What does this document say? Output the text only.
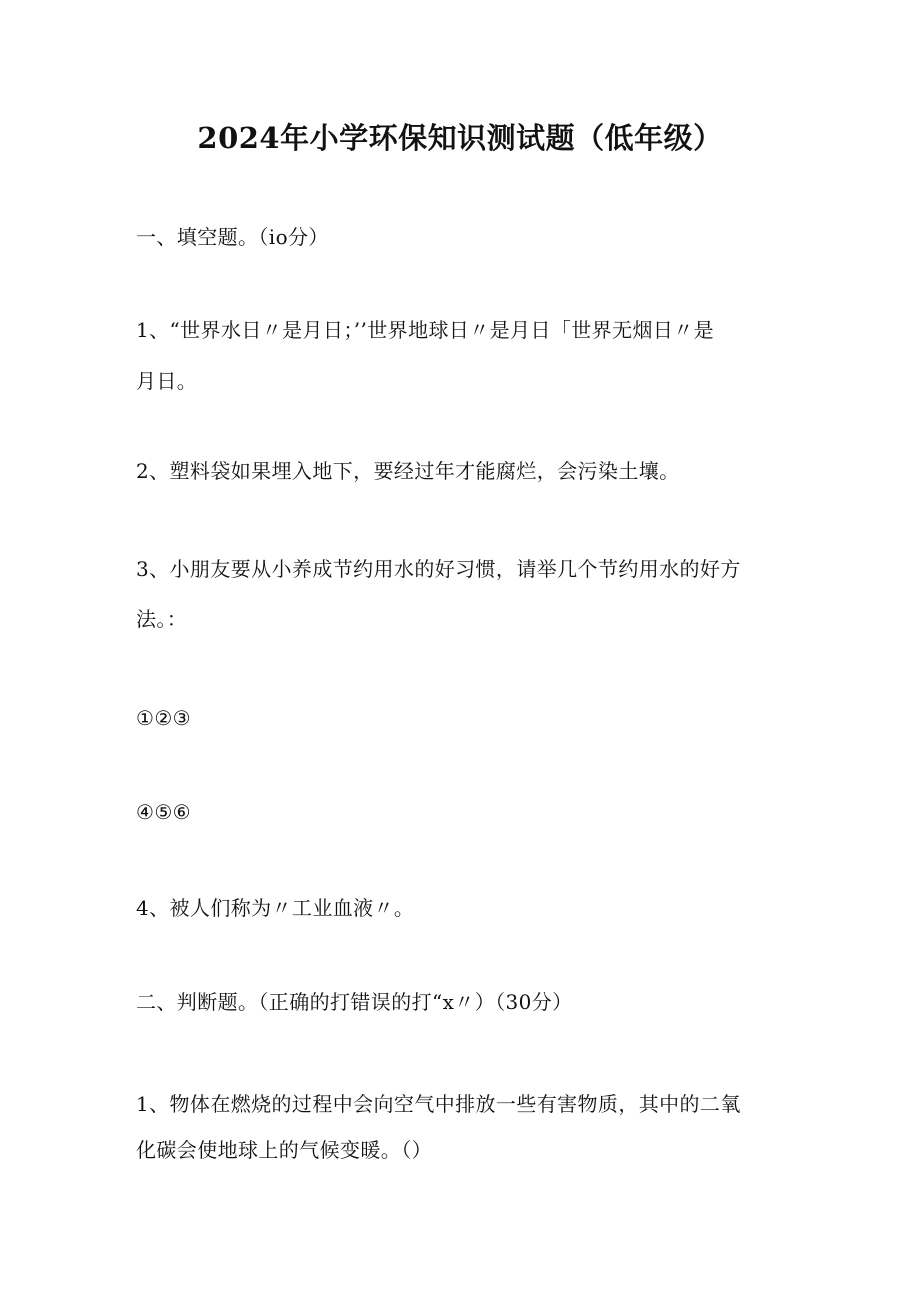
2024年小学环保知识测试题（低年级）
一、填空题。（io分）
1、“世界水日〃是月日；’’世界地球日〃是月日「世界无烟日〃是
月日。
2、塑料袋如果埋入地下，要经过年才能腐烂，会污染土壤。
3、小朋友要从小养成节约用水的好习惯，请举几个节约用水的好方
法。：
①②③
④⑤⑥
4、被人们称为〃工业血液〃。
二、判断题。（正确的打错误的打“x〃）（30分）
1、物体在燃烧的过程中会向空气中排放一些有害物质，其中的二氧
化碳会使地球上的气候变暖。（）
